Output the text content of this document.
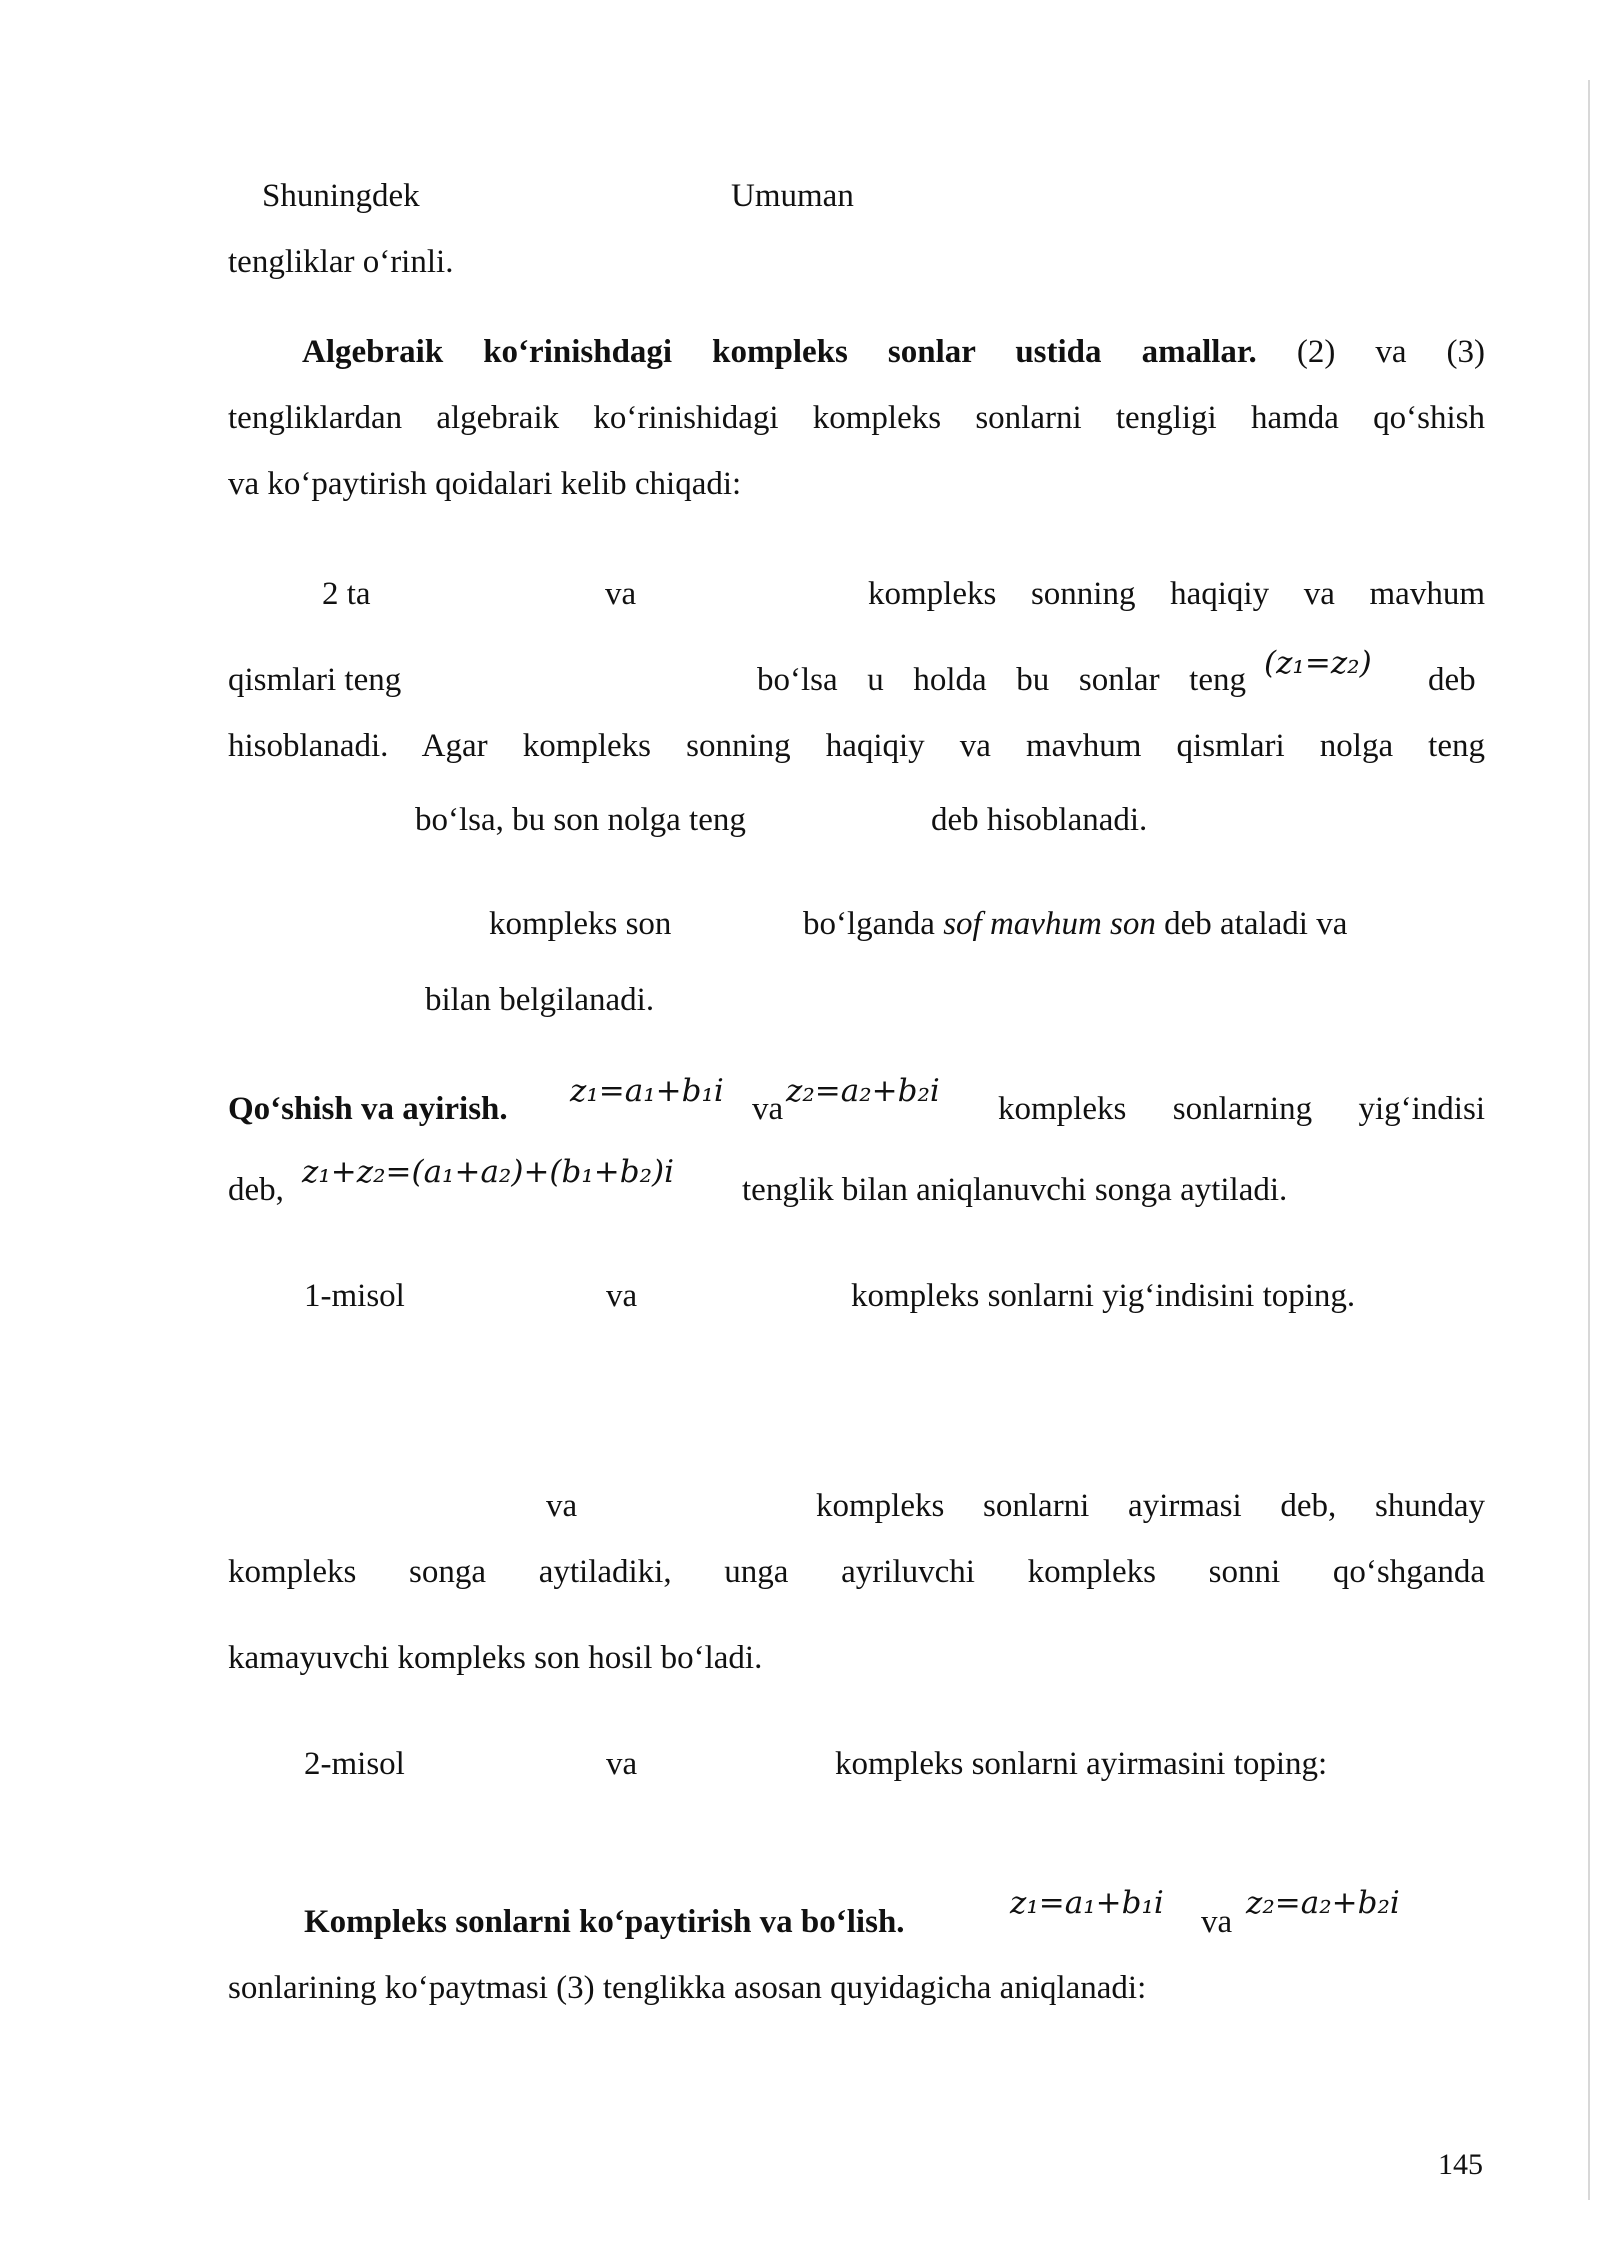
Shuningdek	Umuman
tengliklar o‘rinli.
Algebraik ko‘rinishdagi kompleks sonlar ustida amallar. (2) va (3)
tengliklardan algebraik ko‘rinishidagi kompleks sonlarni tengligi hamda qo‘shish
va ko‘paytirish qoidalari kelib chiqadi:
2 ta	va	kompleks sonning haqiqiy va mavhum
qismlari teng	bo‘lsa u holda bu sonlar teng (z₁=z₂) deb
hisoblanadi. Agar kompleks sonning haqiqiy va mavhum qismlari nolga teng
bo‘lsa, bu son nolga teng	deb hisoblanadi.
kompleks son	bo‘lganda sof mavhum son deb ataladi va
bilan belgilanadi.
Qo‘shish va ayirish. z₁=a₁+b₁i va z₂=a₂+b₂i kompleks sonlarning yig‘indisi
deb, z₁+z₂=(a₁+a₂)+(b₁+b₂)i tenglik bilan aniqlanuvchi songa aytiladi.
1-misol	va	kompleks sonlarni yig‘indisini toping.
va	kompleks sonlarni ayirmasi deb, shunday
kompleks songa aytiladiki, unga ayriluvchi kompleks sonni qo‘shganda
kamayuvchi kompleks son hosil bo‘ladi.
2-misol	va	kompleks sonlarni ayirmasini toping:
Kompleks sonlarni ko‘paytirish va bo‘lish.
z₁=a₁+b₁i
va
z₂=a₂+b₂i
sonlarining ko‘paytmasi (3) tenglikka asosan quyidagicha aniqlanadi:
145
